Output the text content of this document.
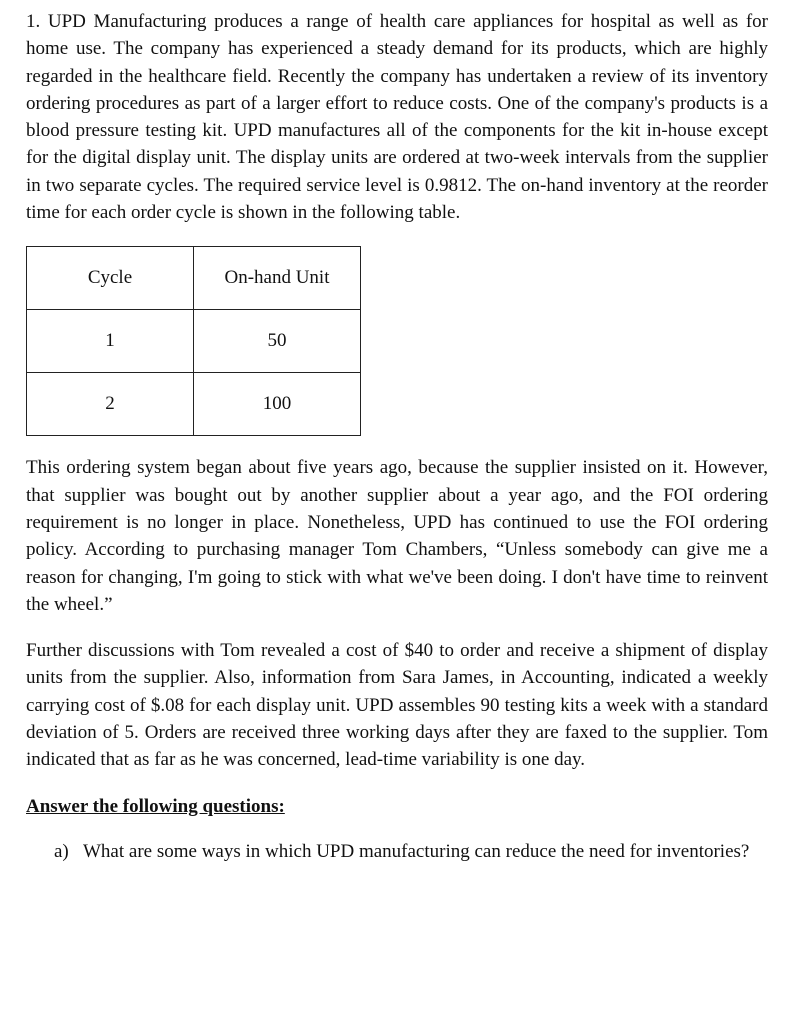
1. UPD Manufacturing produces a range of health care appliances for hospital as well as for home use. The company has experienced a steady demand for its products, which are highly regarded in the healthcare field. Recently the company has undertaken a review of its inventory ordering procedures as part of a larger effort to reduce costs. One of the company's products is a blood pressure testing kit. UPD manufactures all of the components for the kit in-house except for the digital display unit. The display units are ordered at two-week intervals from the supplier in two separate cycles. The required service level is 0.9812. The on-hand inventory at the reorder time for each order cycle is shown in the following table.

Cycle	On-hand Unit
1	50
2	100

This ordering system began about five years ago, because the supplier insisted on it. However, that supplier was bought out by another supplier about a year ago, and the FOI ordering requirement is no longer in place. Nonetheless, UPD has continued to use the FOI ordering policy. According to purchasing manager Tom Chambers, “Unless somebody can give me a reason for changing, I'm going to stick with what we've been doing. I don't have time to reinvent the wheel.”

Further discussions with Tom revealed a cost of $40 to order and receive a shipment of display units from the supplier. Also, information from Sara James, in Accounting, indicated a weekly carrying cost of $.08 for each display unit. UPD assembles 90 testing kits a week with a standard deviation of 5. Orders are received three working days after they are faxed to the supplier. Tom indicated that as far as he was concerned, lead-time variability is one day.

Answer the following questions:
a) What are some ways in which UPD manufacturing can reduce the need for inventories?
